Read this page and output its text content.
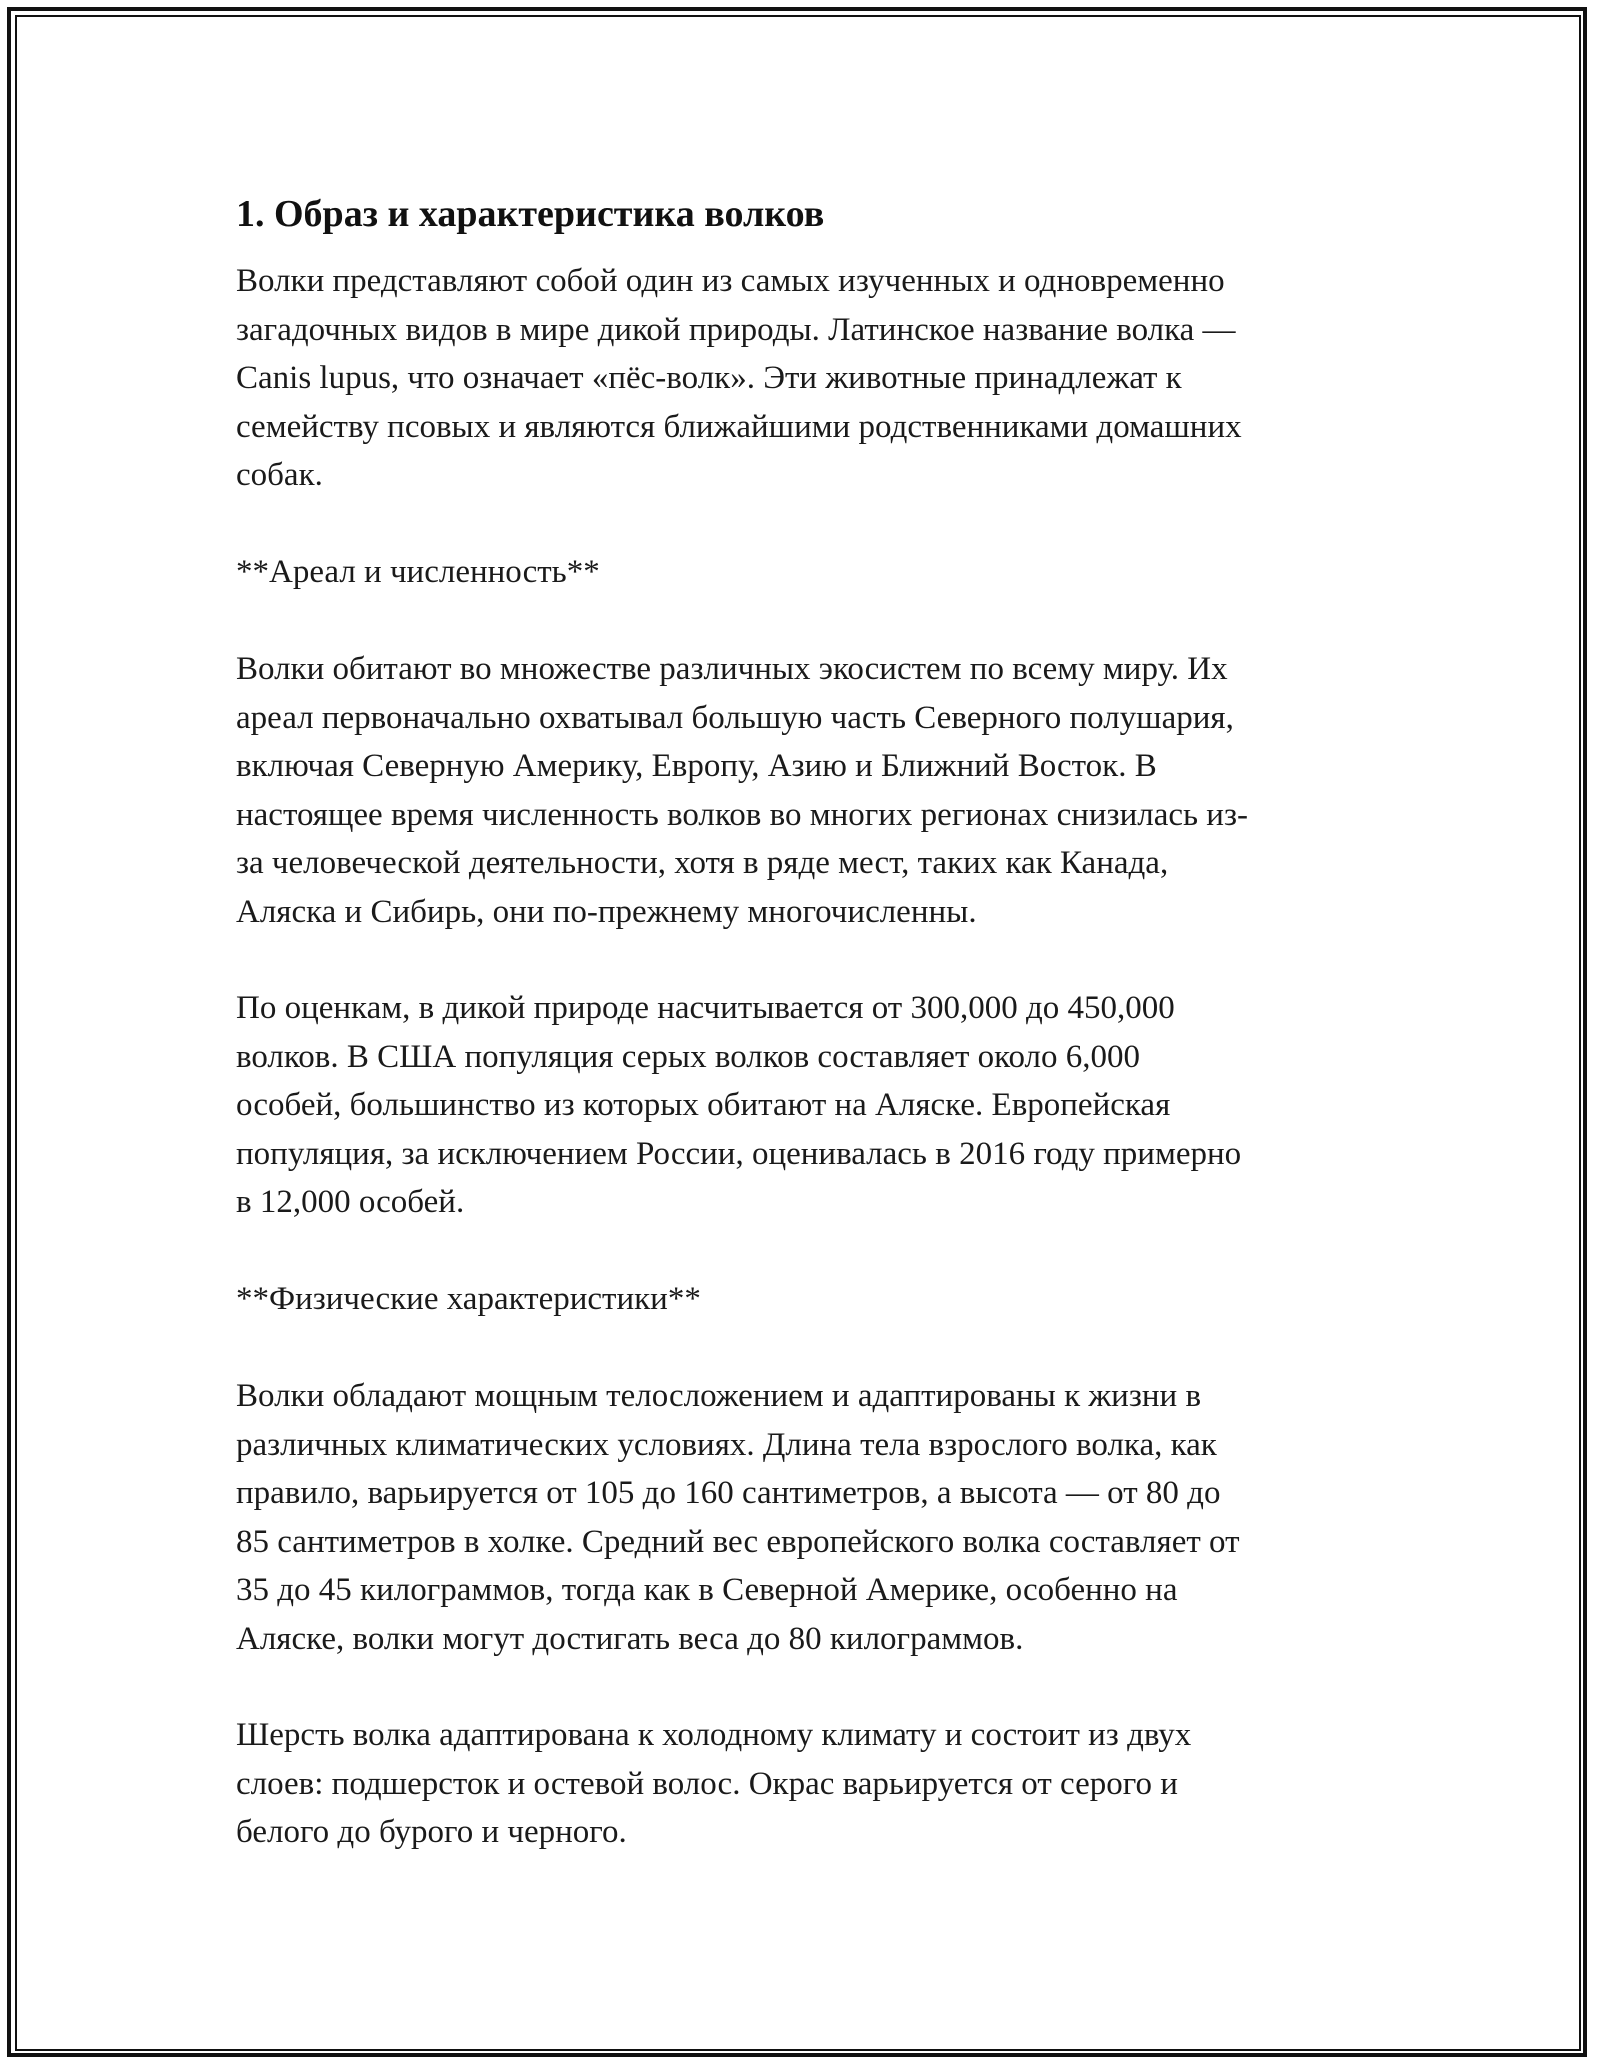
1. Образ и характеристика волков

Волки представляют собой один из самых изученных и одновременно
загадочных видов в мире дикой природы. Латинское название волка —
Canis lupus, что означает «пёс-волк». Эти животные принадлежат к
семейству псовых и являются ближайшими родственниками домашних
собак.

**Ареал и численность**

Волки обитают во множестве различных экосистем по всему миру. Их
ареал первоначально охватывал большую часть Северного полушария,
включая Северную Америку, Европу, Азию и Ближний Восток. В
настоящее время численность волков во многих регионах снизилась из-
за человеческой деятельности, хотя в ряде мест, таких как Канада,
Аляска и Сибирь, они по-прежнему многочисленны.

По оценкам, в дикой природе насчитывается от 300,000 до 450,000
волков. В США популяция серых волков составляет около 6,000
особей, большинство из которых обитают на Аляске. Европейская
популяция, за исключением России, оценивалась в 2016 году примерно
в 12,000 особей.

**Физические характеристики**

Волки обладают мощным телосложением и адаптированы к жизни в
различных климатических условиях. Длина тела взрослого волка, как
правило, варьируется от 105 до 160 сантиметров, а высота — от 80 до
85 сантиметров в холке. Средний вес европейского волка составляет от
35 до 45 килограммов, тогда как в Северной Америке, особенно на
Аляске, волки могут достигать веса до 80 килограммов.

Шерсть волка адаптирована к холодному климату и состоит из двух
слоев: подшерсток и остевой волос. Окрас варьируется от серого и
белого до бурого и черного.
